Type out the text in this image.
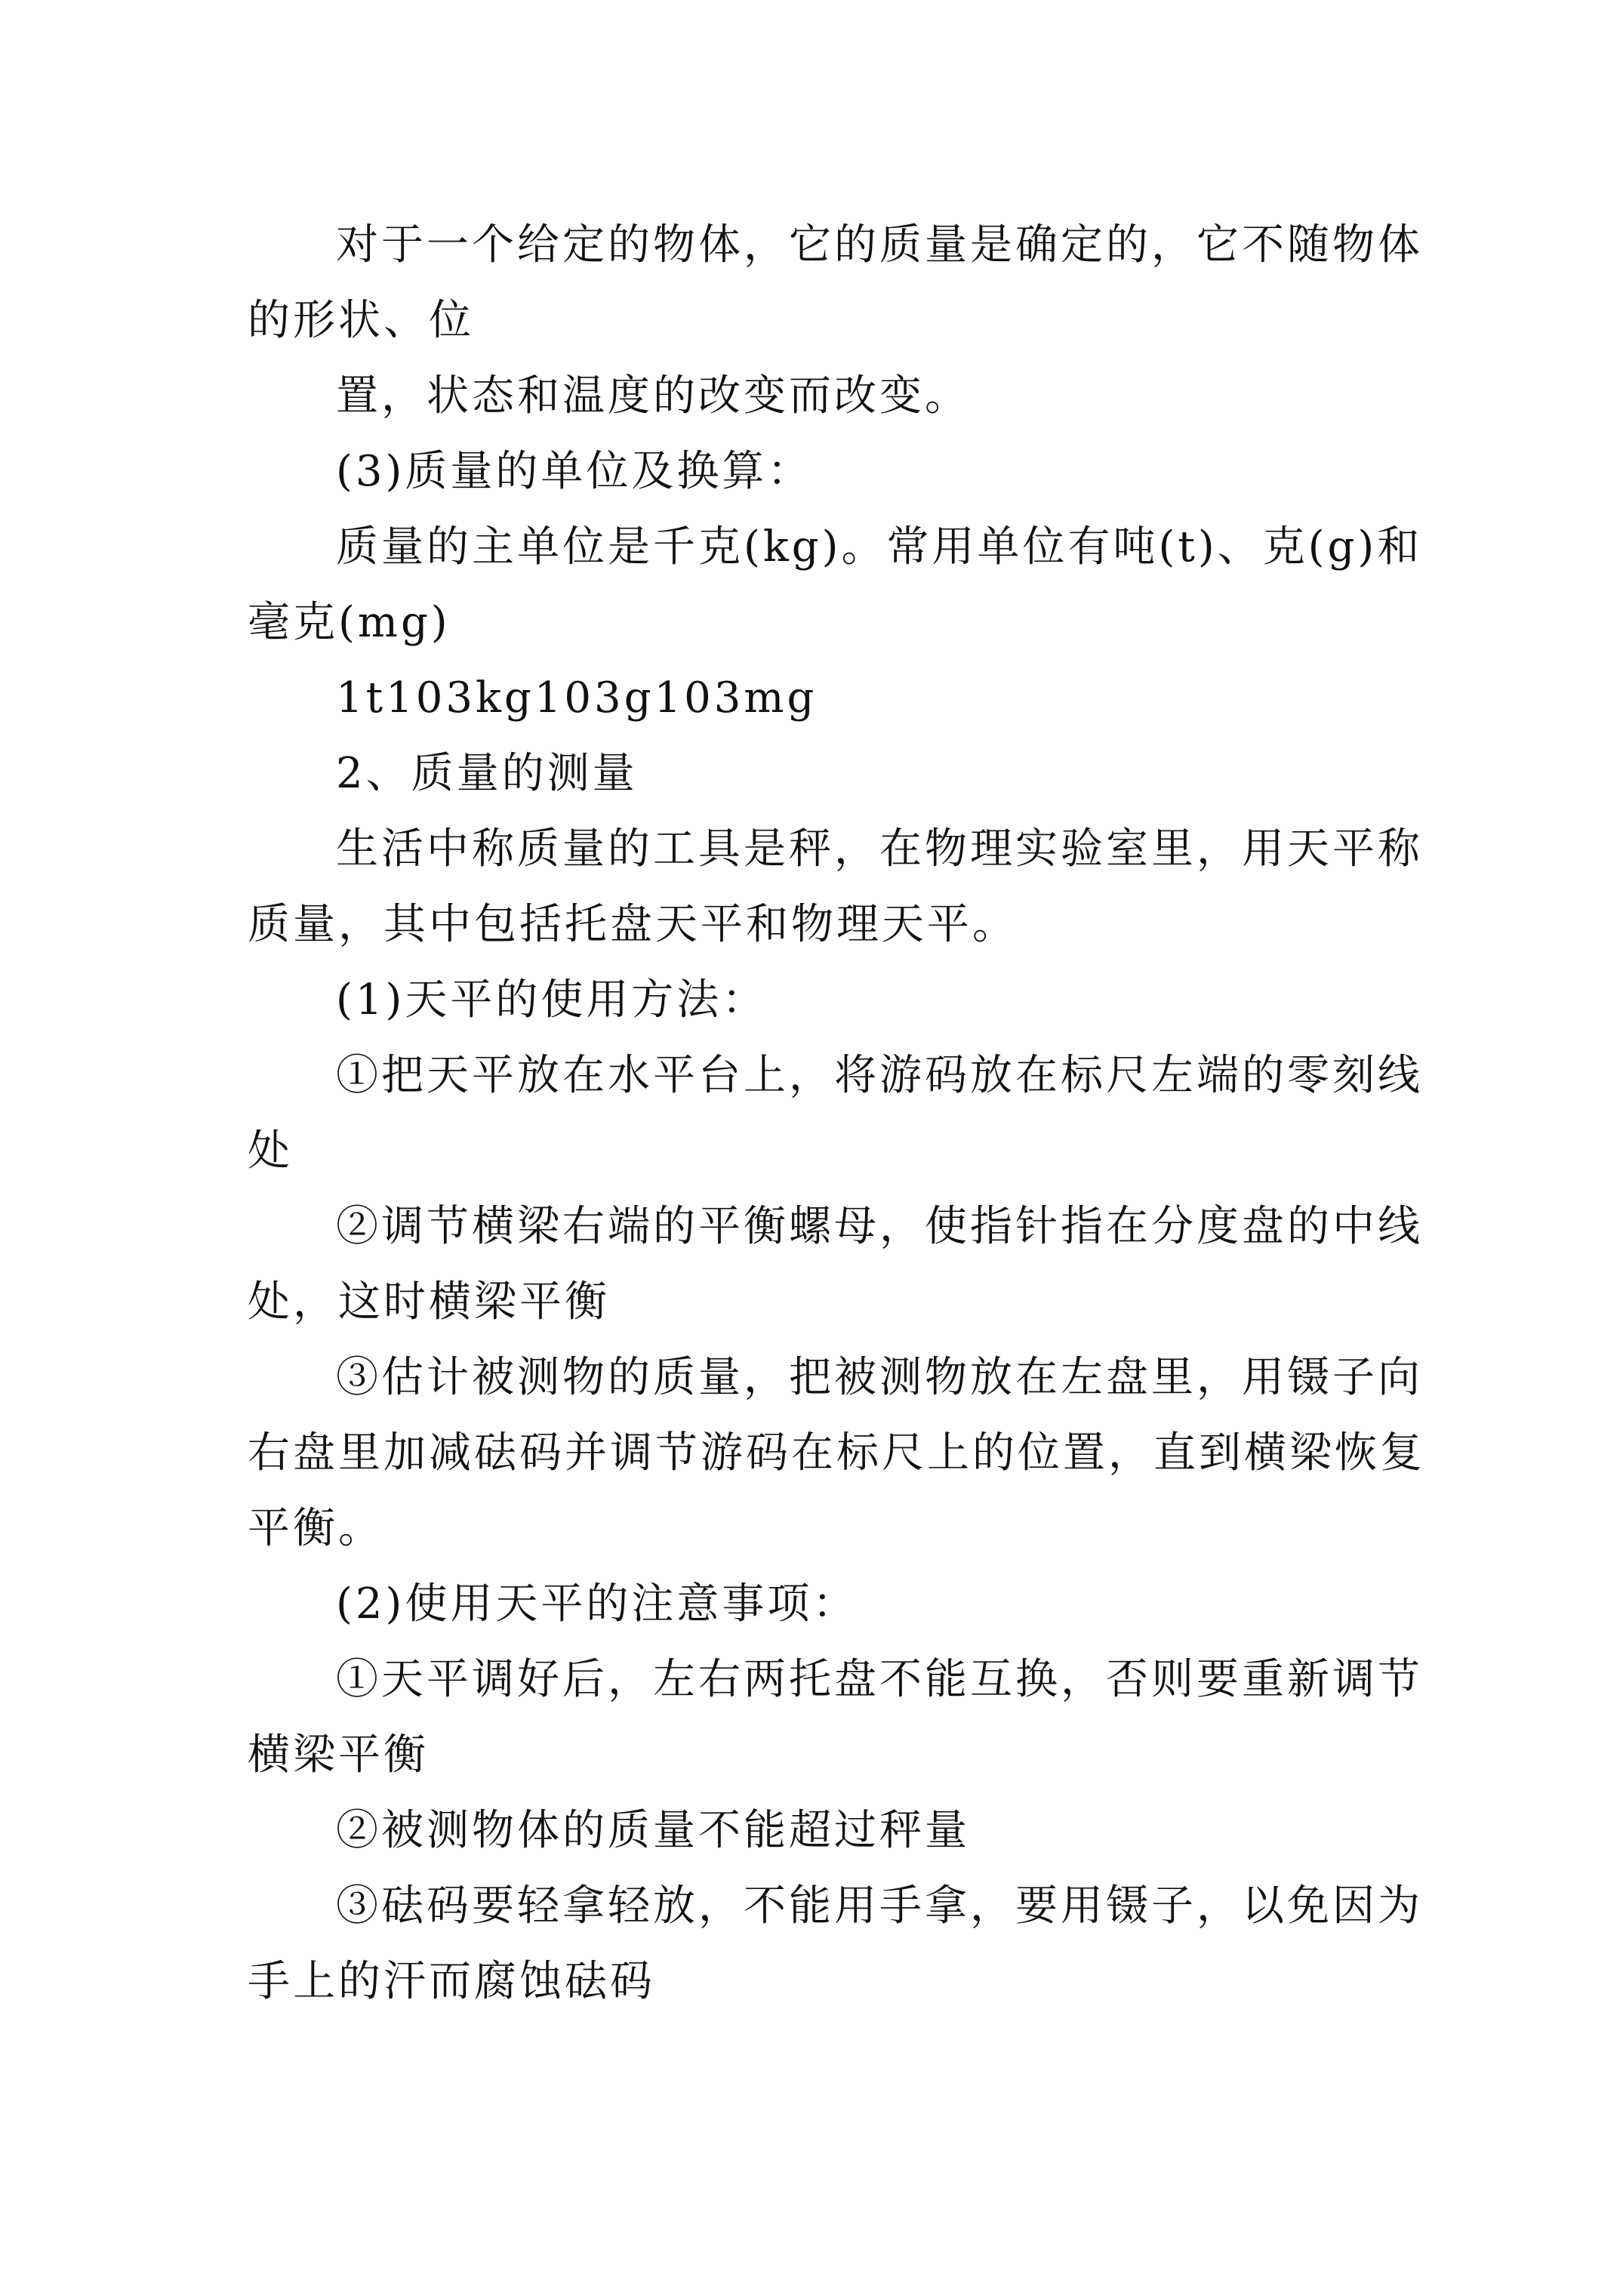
对于一个给定的物体，它的质量是确定的，它不随物体

的形状、位

置，状态和温度的改变而改变。

(3)质量的单位及换算：

质量的主单位是千克(kg)。常用单位有吨(t)、克(g)和

毫克(mg)

1t103kg103g103mg

2、质量的测量

生活中称质量的工具是秤，在物理实验室里，用天平称

质量，其中包括托盘天平和物理天平。

(1)天平的使用方法：

①把天平放在水平台上，将游码放在标尺左端的零刻线

处

②调节横梁右端的平衡螺母，使指针指在分度盘的中线

处，这时横梁平衡

③估计被测物的质量，把被测物放在左盘里，用镊子向

右盘里加减砝码并调节游码在标尺上的位置，直到横梁恢复

平衡。

(2)使用天平的注意事项：

①天平调好后，左右两托盘不能互换，否则要重新调节

横梁平衡

②被测物体的质量不能超过秤量

③砝码要轻拿轻放，不能用手拿，要用镊子，以免因为

手上的汗而腐蚀砝码
